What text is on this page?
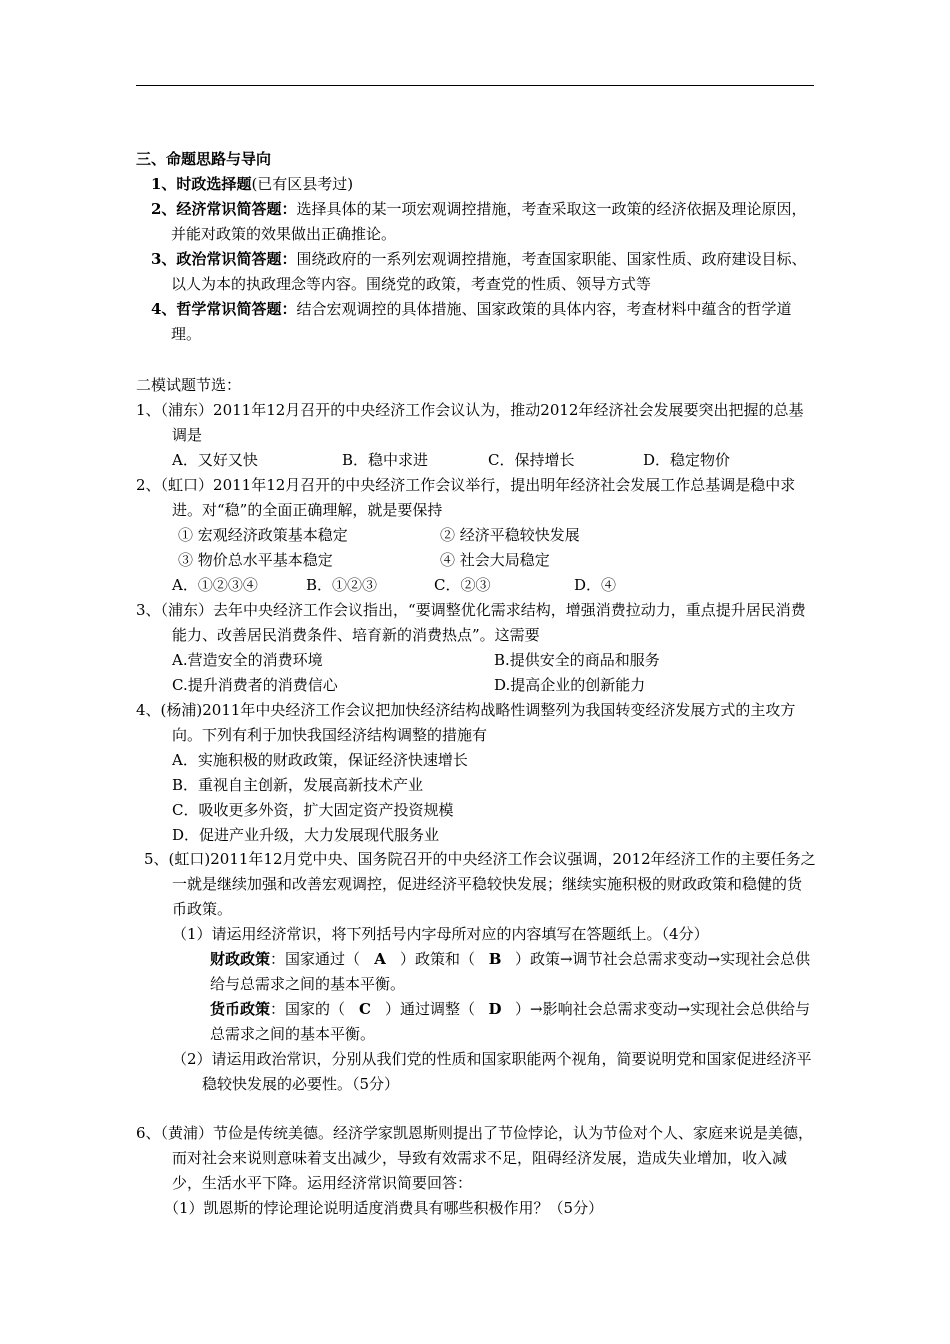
三、命题思路与导向

1、时政选择题(已有区县考过)

2、经济常识简答题：选择具体的某一项宏观调控措施，考查采取这一政策的经济依据及理论原因，并能对政策的效果做出正确推论。

3、政治常识简答题：围绕政府的一系列宏观调控措施，考查国家职能、国家性质、政府建设目标、以人为本的执政理念等内容。围绕党的政策，考查党的性质、领导方式等

4、哲学常识简答题：结合宏观调控的具体措施、国家政策的具体内容，考查材料中蕴含的哲学道理。

二模试题节选：

1、（浦东）2011年12月召开的中央经济工作会议认为，推动2012年经济社会发展要突出把握的总基调是

A．又好又快	B．稳中求进	C．保持增长	D．稳定物价

2、（虹口）2011年12月召开的中央经济工作会议举行，提出明年经济社会发展工作总基调是稳中求进。对“稳”的全面正确理解，就是要保持

① 宏观经济政策基本稳定	② 经济平稳较快发展
③ 物价总水平基本稳定	④ 社会大局稳定
A．①②③④	B．①②③	C．②③	D．④

3、（浦东）去年中央经济工作会议指出，“要调整优化需求结构，增强消费拉动力，重点提升居民消费能力、改善居民消费条件、培育新的消费热点”。这需要

A.营造安全的消费环境	B.提供安全的商品和服务
C.提升消费者的消费信心	D.提高企业的创新能力

4、(杨浦)2011年中央经济工作会议把加快经济结构战略性调整列为我国转变经济发展方式的主攻方向。下列有利于加快我国经济结构调整的措施有

A．实施积极的财政政策，保证经济快速增长

B．重视自主创新，发展高新技术产业

C．吸收更多外资，扩大固定资产投资规模

D．促进产业升级，大力发展现代服务业

5、(虹口)2011年12月党中央、国务院召开的中央经济工作会议强调，2012年经济工作的主要任务之一就是继续加强和改善宏观调控，促进经济平稳较快发展；继续实施积极的财政政策和稳健的货币政策。

（1）请运用经济常识，将下列括号内字母所对应的内容填写在答题纸上。（4分）

财政政策：国家通过（ A ）政策和（ B ）政策→调节社会总需求变动→实现社会总供给与总需求之间的基本平衡。

货币政策：国家的（ C ）通过调整（ D ）→影响社会总需求变动→实现社会总供给与总需求之间的基本平衡。

（2）请运用政治常识，分别从我们党的性质和国家职能两个视角，简要说明党和国家促进经济平稳较快发展的必要性。（5分）

6、（黄浦）节俭是传统美德。经济学家凯恩斯则提出了节俭悖论，认为节俭对个人、家庭来说是美德，而对社会来说则意味着支出减少，导致有效需求不足，阻碍经济发展，造成失业增加，收入减少，生活水平下降。运用经济常识简要回答：

（1）凯恩斯的悖论理论说明适度消费具有哪些积极作用？（5分）
